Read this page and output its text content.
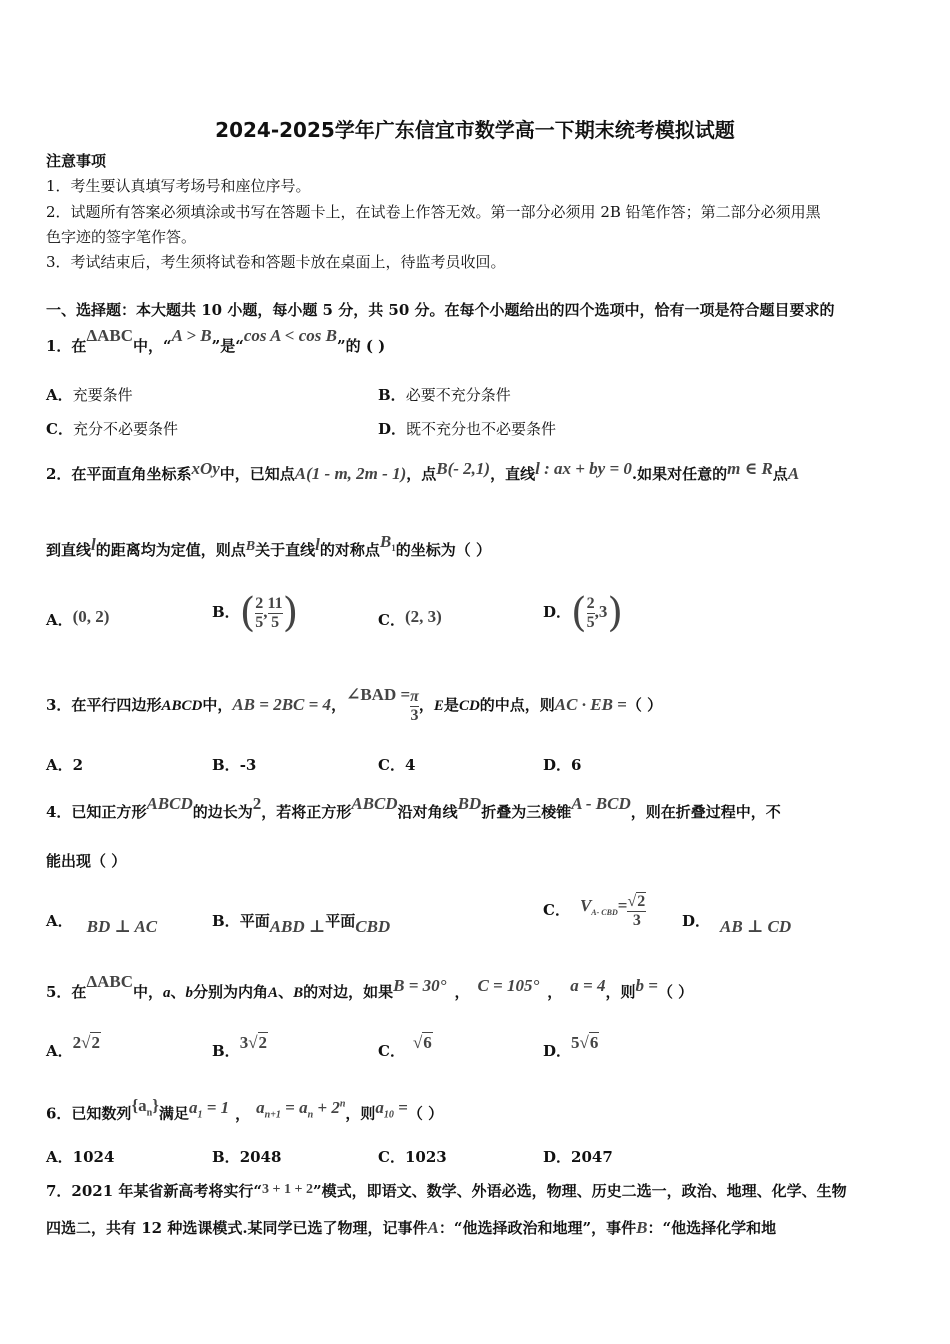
2024-2025学年广东信宜市数学高一下期末统考模拟试题
注意事项
1．考生要认真填写考场号和座位序号。
2．试题所有答案必须填涂或书写在答题卡上，在试卷上作答无效。第一部分必须用 2B 铅笔作答；第二部分必须用黑
色字迹的签字笔作答。
3．考试结束后，考生须将试卷和答题卡放在桌面上，待监考员收回。
一、选择题：本大题共 10 小题，每小题 5 分，共 50 分。在每个小题给出的四个选项中，恰有一项是符合题目要求的
1．在ΔABC中，“A > B”是“cos A < cos B”的 ( )
A．充要条件	B．必要不充分条件
C．充分不必要条件	D．既不充分也不必要条件
2．在平面直角坐标系xOy中，已知点A(1 - m, 2m - 1)，点B(- 2,1)，直线l : ax + by = 0.如果对任意的m ∈ R点A
到直线l的距离均为定值，则点B关于直线l的对称点$B_1$的坐标为（ ）
A．(0, 2)	B．( $\frac{2}{5}$ , $\frac{11}{5}$ )	C．(2, 3)	D．( $\frac{2}{5} ,3$)
3．在平行四边形ABCD中，AB = 2BC = 4，∠BAD = $\frac{\pi}{3}$ ，E是CD的中点，则AC · EB =（ ）
A．2	B．-3	C．4	D．6
4．已知正方形ABCD的边长为2，若将正方形ABCD沿对角线BD折叠为三棱锥A - BCD，则在折叠过程中，不
能出现（ ）
A． BD ⊥ AC	B．平面ABD ⊥平面CBD
C． $V_{A- CBD}= \frac{√2}{3}$ D． AB ⊥ CD
5．在ΔABC中，a、b分别为内角A、B的对边，如果B = 30° ， C = 105° ， a = 4，则b =（ ）
A．2√2	B．3√2	C． √6	D．5√6
6．已知数列$\{a_n\}$满足$a_1 = 1$ ， $a_{n+1} = a_n + 2^n$，则$a_{10}$ =（ ）
A．1024	B．2048	C．1023	D．2047
7．2021 年某省新高考将实行“3 + 1 + 2”模式，即语文、数学、外语必选，物理、历史二选一，政治、地理、化学、生物
四选二，共有 12 种选课模式.某同学已选了物理，记事件A：“他选择政治和地理”，事件B：“他选择化学和地
